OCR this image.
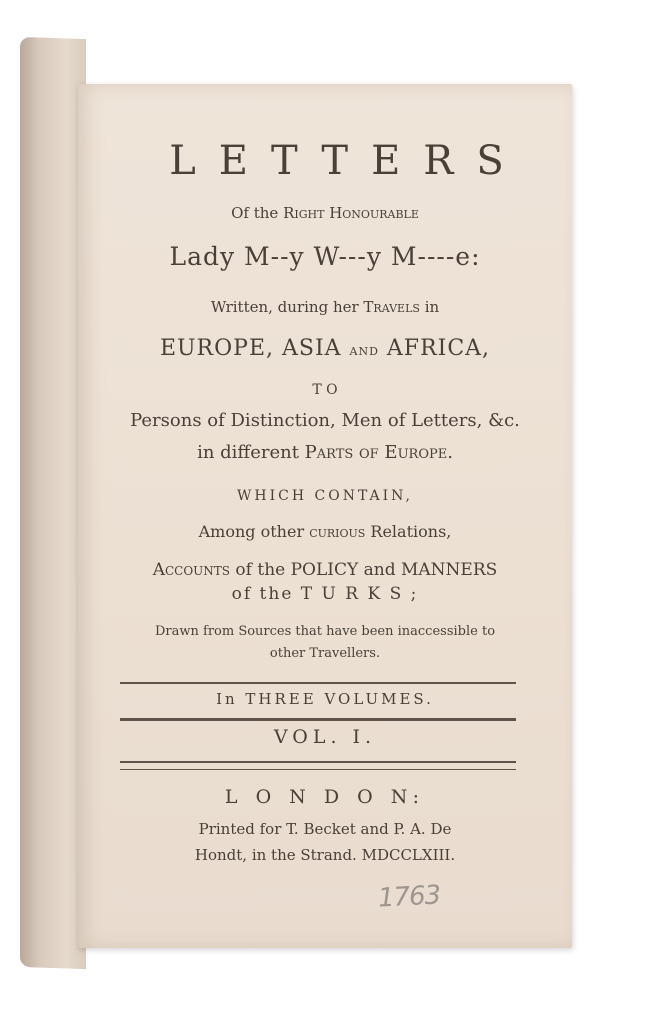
LETTERS
Of the Right Honourable
Lady M--y W---y M----e:
Written, during her Travels in
EUROPE, ASIA and AFRICA,
T O
Persons of Distinction, Men of Letters, &c.
in different Parts of Europe.
WHICH CONTAIN,
Among other curious Relations,
Accounts of the POLICY and MANNERS
of the T U R K S ;
Drawn from Sources that have been inaccessible to
other Travellers.
In THREE VOLUMES.
VOL. I.
L O N D O N:
Printed for T. Becket and P. A. De
Hondt, in the Strand. MDCCLXIII.
1763
